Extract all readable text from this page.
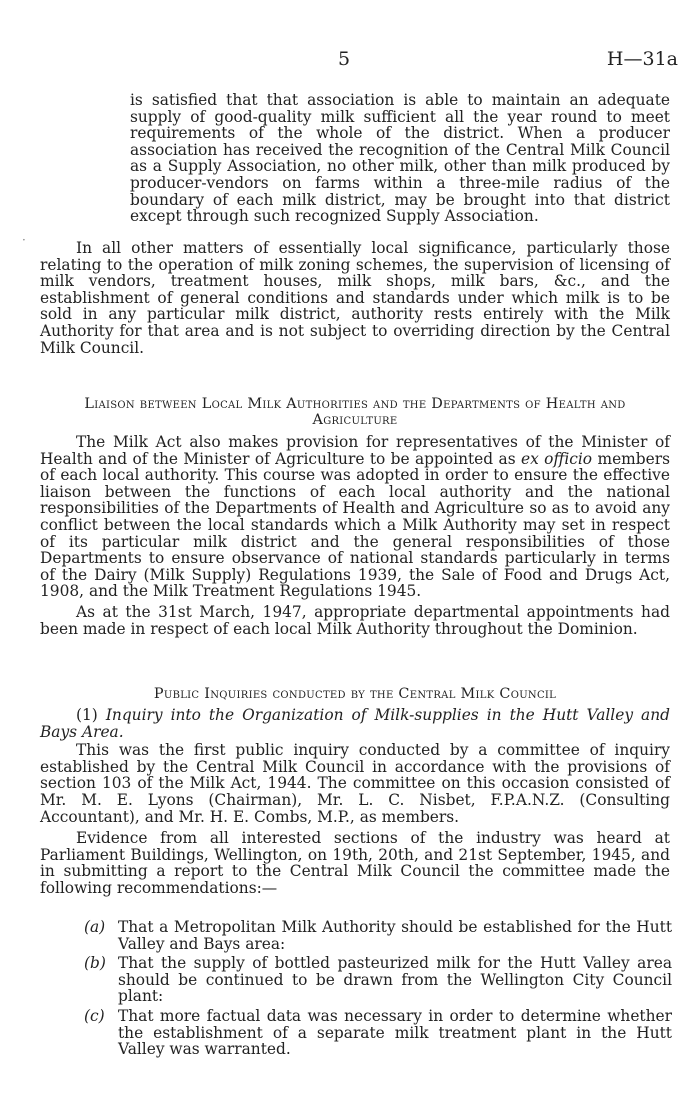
5	H—31a

is satisfied that that association is able to maintain an adequate supply of good-quality milk sufficient all the year round to meet requirements of the whole of the district. When a producer association has received the recognition of the Central Milk Council as a Supply Association, no other milk, other than milk produced by producer-vendors on farms within a three-mile radius of the boundary of each milk district, may be brought into that district except through such recognized Supply Association.

·	In all other matters of essentially local significance, particularly those relating to the operation of milk zoning schemes, the supervision of licensing of milk vendors, treatment houses, milk shops, milk bars, &c., and the establishment of general conditions and standards under which milk is to be sold in any particular milk district, authority rests entirely with the Milk Authority for that area and is not subject to overriding direction by the Central Milk Council.

Liaison between Local Milk Authorities and the Departments of Health and Agriculture

The Milk Act also makes provision for representatives of the Minister of Health and of the Minister of Agriculture to be appointed as ex officio members of each local authority. This course was adopted in order to ensure the effective liaison between the functions of each local authority and the national responsibilities of the Departments of Health and Agriculture so as to avoid any conflict between the local standards which a Milk Authority may set in respect of its particular milk district and the general responsibilities of those Departments to ensure observance of national standards particularly in terms of the Dairy (Milk Supply) Regulations 1939, the Sale of Food and Drugs Act, 1908, and the Milk Treatment Regulations 1945.

As at the 31st March, 1947, appropriate departmental appointments had been made in respect of each local Milk Authority throughout the Dominion.

Public Inquiries conducted by the Central Milk Council

(1) Inquiry into the Organization of Milk-supplies in the Hutt Valley and Bays Area.

This was the first public inquiry conducted by a committee of inquiry established by the Central Milk Council in accordance with the provisions of section 103 of the Milk Act, 1944. The committee on this occasion consisted of Mr. M. E. Lyons (Chairman), Mr. L. C. Nisbet, F.P.A.N.Z. (Consulting Accountant), and Mr. H. E. Combs, M.P., as members.

Evidence from all interested sections of the industry was heard at Parliament Buildings, Wellington, on 19th, 20th, and 21st September, 1945, and in submitting a report to the Central Milk Council the committee made the following recommendations:—

(a) That a Metropolitan Milk Authority should be established for the Hutt Valley and Bays area:
(b) That the supply of bottled pasteurized milk for the Hutt Valley area should be continued to be drawn from the Wellington City Council plant:
(c) That more factual data was necessary in order to determine whether the establishment of a separate milk treatment plant in the Hutt Valley was warranted.
